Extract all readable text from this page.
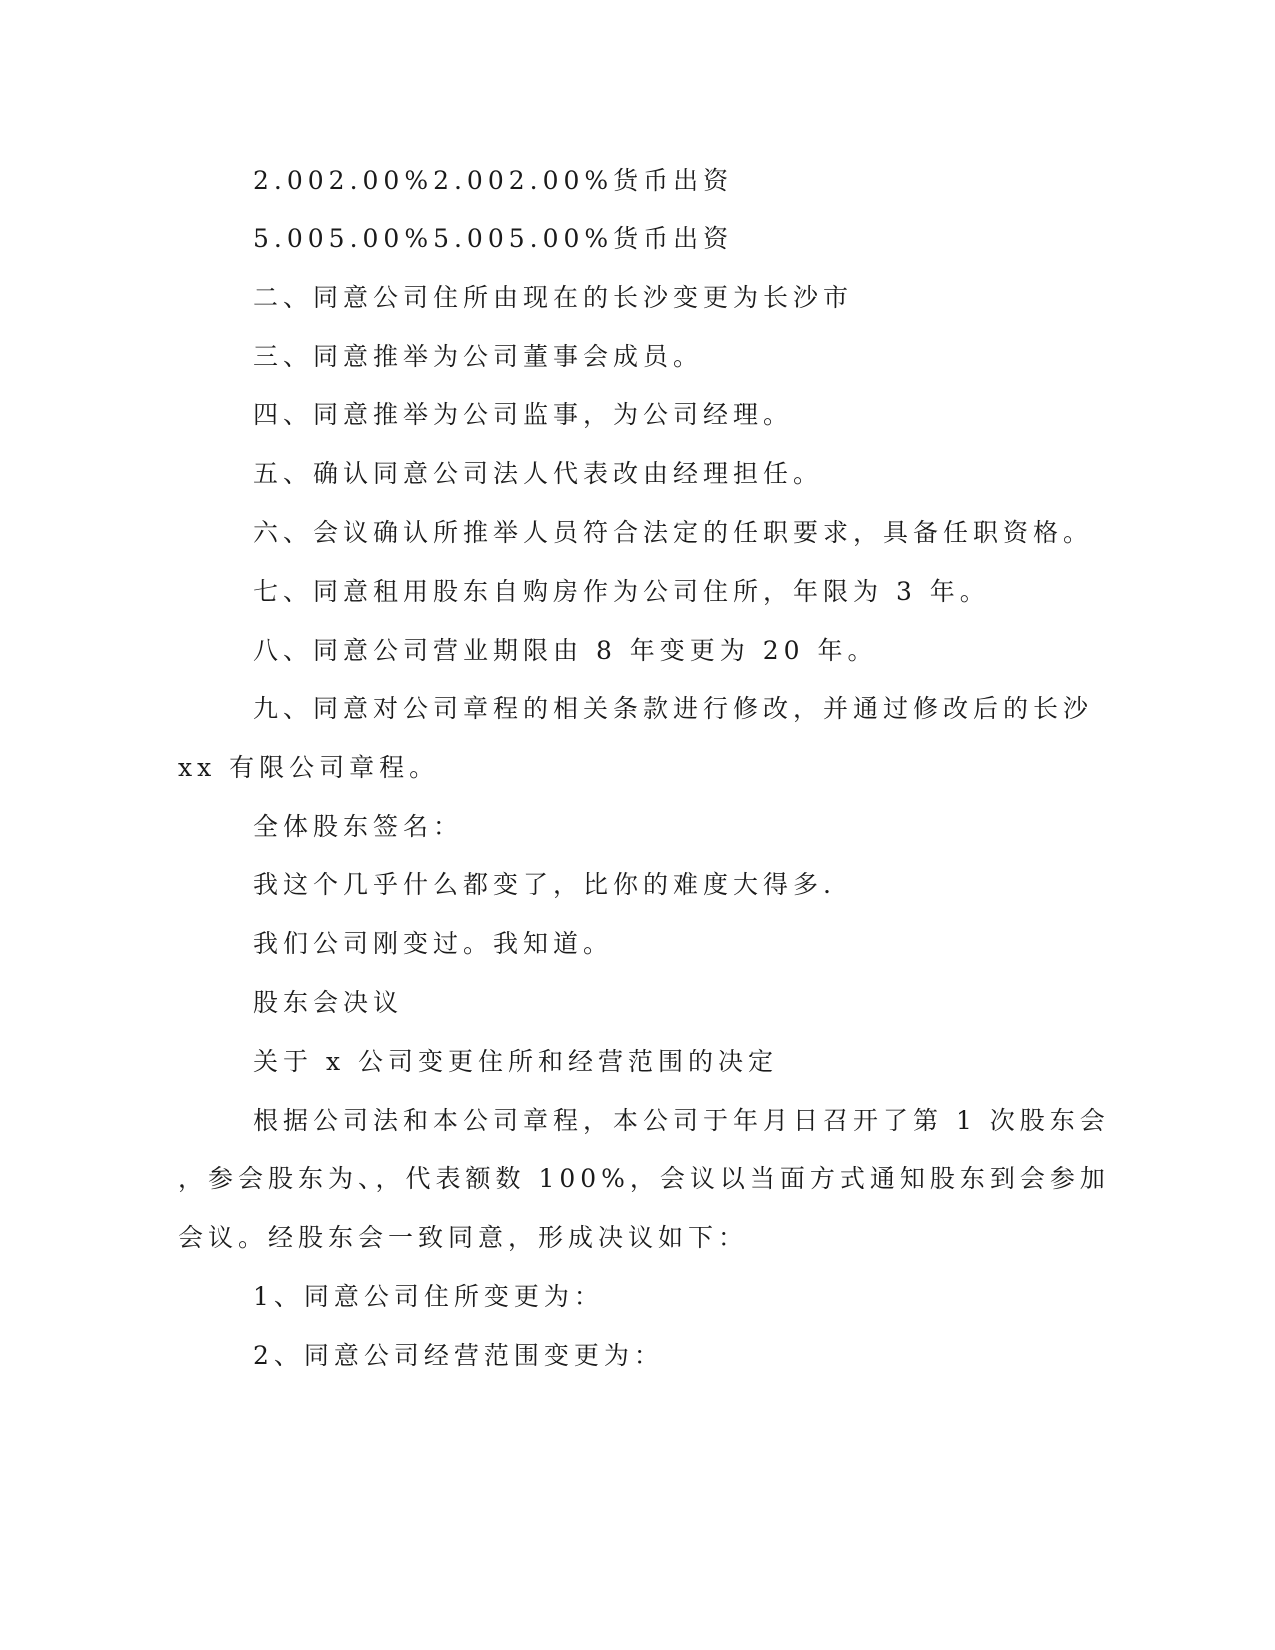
2.002.00%2.002.00%货币出资
5.005.00%5.005.00%货币出资
二、同意公司住所由现在的长沙变更为长沙市
三、同意推举为公司董事会成员。
四、同意推举为公司监事，为公司经理。
五、确认同意公司法人代表改由经理担任。
六、会议确认所推举人员符合法定的任职要求，具备任职资格。
七、同意租用股东自购房作为公司住所，年限为 3 年。
八、同意公司营业期限由 8 年变更为 20 年。
九、同意对公司章程的相关条款进行修改，并通过修改后的长沙
xx 有限公司章程。
全体股东签名：
我这个几乎什么都变了，比你的难度大得多.
我们公司刚变过。我知道。
股东会决议
关于 x 公司变更住所和经营范围的决定
根据公司法和本公司章程，本公司于年月日召开了第 1 次股东会
，参会股东为、，代表额数 100%，会议以当面方式通知股东到会参加
会议。经股东会一致同意，形成决议如下：
1、同意公司住所变更为：
2、同意公司经营范围变更为：
